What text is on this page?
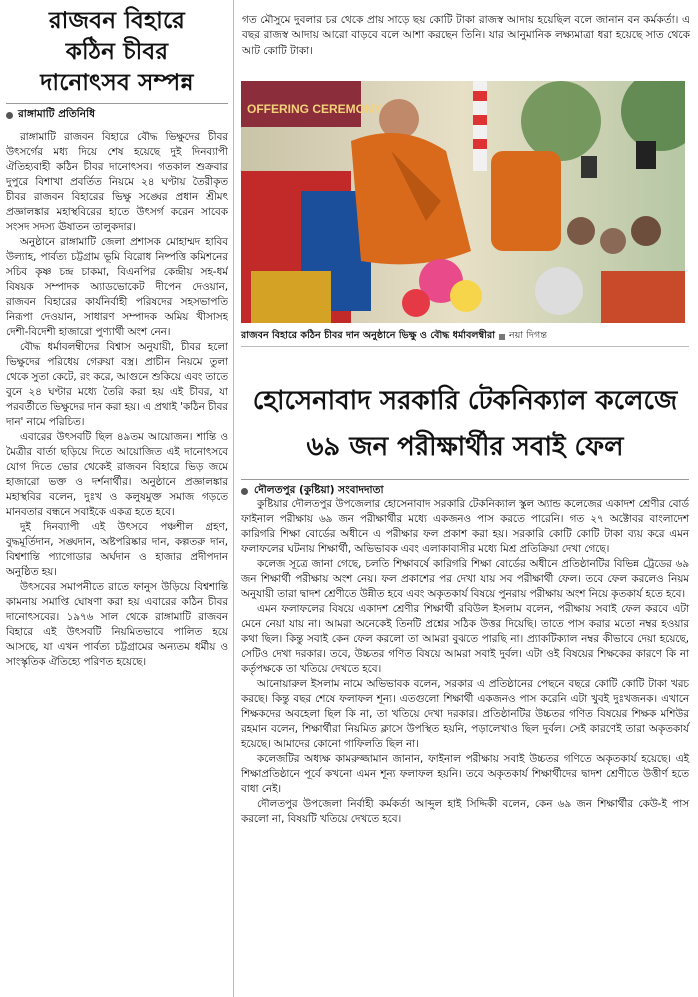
রাজবন বিহারে
কঠিন চীবর
দানোৎসব সম্পন্ন
রাঙ্গামাটি প্রতিনিধি

রাঙ্গামাটি রাজবন বিহারে বৌদ্ধ ভিক্ষুদের চীবর উৎসর্গের মধ্য দিয়ে শেষ হয়েছে দুই দিনব্যাপী ঐতিহ্যবাহী কঠিন চীবর দানোৎসব। গতকাল শুক্রবার দুপুরে বিশাখা প্রবর্তিত নিয়মে ২৪ ঘণ্টায় তৈরীকৃত চীবর রাজবন বিহারের ভিক্ষু সঙ্ঘের প্রধান শ্রীমৎ প্রজ্ঞালঙ্কার মহাস্থবিরের হাতে উৎসর্গ করেন সাবেক সংসদ সদস্য ঊষাতন তালুকদার।

অনুষ্ঠানে রাঙ্গামাটি জেলা প্রশাসক মোহাম্মদ হাবিব উল্যাহ, পার্বত্য চট্টগ্রাম ভূমি বিরোধ নিষ্পত্তি কমিশনের সচিব কৃষ্ণ চন্দ্র চাকমা, বিএনপির কেন্দ্রীয় সহ-ধর্ম বিষয়ক সম্পাদক অ্যাডভোকেট দীপেন দেওয়ান, রাজবন বিহারের কার্যনির্বাহী পরিষদের সহসভাপতি নিরূপা দেওয়ান, সাধারণ সম্পাদক অমিয় খীসাসহ দেশী-বিদেশী হাজারো পুণ্যার্থী অংশ নেন।

বৌদ্ধ ধর্মাবলম্বীদের বিশ্বাস অনুযায়ী, চীবর হলো ভিক্ষুদের পরিধেয় গেরুয়া বস্ত্র। প্রাচীন নিয়মে তুলা থেকে সুতা কেটে, রং করে, আগুনে শুকিয়ে এবং তাতে বুনে ২৪ ঘণ্টার মধ্যে তৈরি করা হয় এই চীবর, যা পরবর্তীতে ভিক্ষুদের দান করা হয়। এ প্রথাই 'কঠিন চীবর দান' নামে পরিচিত।

এবারের উৎসবটি ছিল ৪৯তম আয়োজন। শান্তি ও মৈত্রীর বার্তা ছড়িয়ে দিতে আয়োজিত এই দানোৎসবে যোগ দিতে ভোর থেকেই রাজবন বিহারে ভিড় জমে হাজারো ভক্ত ও দর্শনার্থীর। অনুষ্ঠানে প্রজ্ঞালঙ্কার মহাস্থবির বলেন, দুঃখ ও কলুষমুক্ত সমাজ গড়তে মানবতার বন্ধনে সবাইকে একত্র হতে হবে।

দুই দিনব্যাপী এই উৎসবে পঞ্চশীল গ্রহণ, বুদ্ধমূর্তিদান, সঙ্ঘদান, অষ্টপরিষ্কার দান, কল্পতরু দান, বিশ্বশান্তি প্যাগোডার অর্ঘদান ও হাজার প্রদীপদান অনুষ্ঠিত হয়।

উৎসবের সমাপনীতে রাতে ফানুস উড়িয়ে বিশ্বশান্তি কামনায় সমাপ্তি ঘোষণা করা হয় এবারের কঠিন চীবর দানোৎসবের। ১৯৭৬ সাল থেকে রাঙ্গামাটি রাজবন বিহারে এই উৎসবটি নিয়মিতভাবে পালিত হয়ে আসছে, যা এখন পার্বত্য চট্টগ্রামের অন্যতম ধর্মীয় ও সাংস্কৃতিক ঐতিহ্যে পরিণত হয়েছে।

গত মৌসুমে দুবলার চর থেকে প্রায় সাড়ে ছয় কোটি টাকা রাজস্ব আদায় হয়েছিল বলে জানান বন কর্মকর্তা। এ বছর রাজস্ব আদায় আরো বাড়বে বলে আশা করছেন তিনি। যার আনুমানিক লক্ষ্যমাত্রা ধরা হয়েছে সাত থেকে আট কোটি টাকা।

OFFERING CEREMONY
রাজবন বিহারে কঠিন চীবর দান অনুষ্ঠানে ভিক্ষু ও বৌদ্ধ ধর্মাবলম্বীরা নয়া দিগন্ত
হোসেনাবাদ সরকারি টেকনিক্যাল কলেজে
৬৯ জন পরীক্ষার্থীর সবাই ফেল
দৌলতপুর (কুষ্টিয়া) সংবাদদাতা

কুষ্টিয়ার দৌলতপুর উপজেলার হোসেনাবাদ সরকারি টেকনিক্যাল স্কুল অ্যান্ড কলেজের একাদশ শ্রেণীর বোর্ড ফাইনাল পরীক্ষায় ৬৯ জন পরীক্ষার্থীর মধ্যে একজনও পাস করতে পারেনি। গত ২৭ অক্টোবর বাংলাদেশ কারিগরি শিক্ষা বোর্ডের অধীনে এ পরীক্ষার ফল প্রকাশ করা হয়। সরকারি কোটি কোটি টাকা ব্যয় করে এমন ফলাফলের ঘটনায় শিক্ষার্থী, অভিভাবক এবং এলাকাবাসীর মধ্যে মিশ্র প্রতিক্রিয়া দেখা গেছে।

কলেজ সূত্রে জানা গেছে, চলতি শিক্ষাবর্ষে কারিগরি শিক্ষা বোর্ডের অধীনে প্রতিষ্ঠানটির বিভিন্ন ট্রেডের ৬৯ জন শিক্ষার্থী পরীক্ষায় অংশ নেয়। ফল প্রকাশের পর দেখা যায় সব পরীক্ষার্থী ফেল। তবে ফেল করলেও নিয়ম অনুযায়ী তারা দ্বাদশ শ্রেণীতে উন্নীত হবে এবং অকৃতকার্য বিষয়ে পুনরায় পরীক্ষায় অংশ নিয়ে কৃতকার্য হতে হবে।

এমন ফলাফলের বিষয়ে একাদশ শ্রেণীর শিক্ষার্থী রবিউল ইসলাম বলেন, পরীক্ষায় সবাই ফেল করবে এটা মেনে নেয়া যায় না। আমরা অনেকেই তিনটি প্রশ্নের সঠিক উত্তর দিয়েছি। তাতে পাস করার মতো নম্বর হওয়ার কথা ছিল। কিন্তু সবাই কেন ফেল করলো তা আমরা বুঝতে পারছি না। প্র্যাকটিক্যাল নম্বর কীভাবে দেয়া হয়েছে, সেটিও দেখা দরকার। তবে, উচ্চতর গণিত বিষয়ে আমরা সবাই দুর্বল। এটা ওই বিষয়ের শিক্ষকের কারণে কি না কর্তৃপক্ষকে তা খতিয়ে দেখতে হবে।

আনোয়ারুল ইসলাম নামে অভিভাবক বলেন, সরকার এ প্রতিষ্ঠানের পেছনে বছরে কোটি কোটি টাকা খরচ করছে। কিন্তু বছর শেষে ফলাফল শূন্য। এতগুলো শিক্ষার্থী একজনও পাস করেনি এটা খুবই দুঃখজনক। এখানে শিক্ষকদের অবহেলা ছিল কি না, তা খতিয়ে দেখা দরকার। প্রতিষ্ঠানটির উচ্চতর গণিত বিষয়ের শিক্ষক মশিউর রহমান বলেন, শিক্ষার্থীরা নিয়মিত ক্লাসে উপস্থিত হয়নি, পড়ালেখাও ছিল দুর্বল। সেই কারণেই তারা অকৃতকার্য হয়েছে। আমাদের কোনো গাফিলতি ছিল না।

কলেজটির অধ্যক্ষ কামরুজ্জামান জানান, ফাইনাল পরীক্ষায় সবাই উচ্চতর গণিতে অকৃতকার্য হয়েছে। এই শিক্ষাপ্রতিষ্ঠানে পূর্বে কখনো এমন শূন্য ফলাফল হয়নি। তবে অকৃতকার্য শিক্ষার্থীদের দ্বাদশ শ্রেণীতে উত্তীর্ণ হতে বাধা নেই।

দৌলতপুর উপজেলা নির্বাহী কর্মকর্তা আব্দুল হাই সিদ্দিকী বলেন, কেন ৬৯ জন শিক্ষার্থীর কেউ-ই পাস করলো না, বিষয়টি খতিয়ে দেখতে হবে।
